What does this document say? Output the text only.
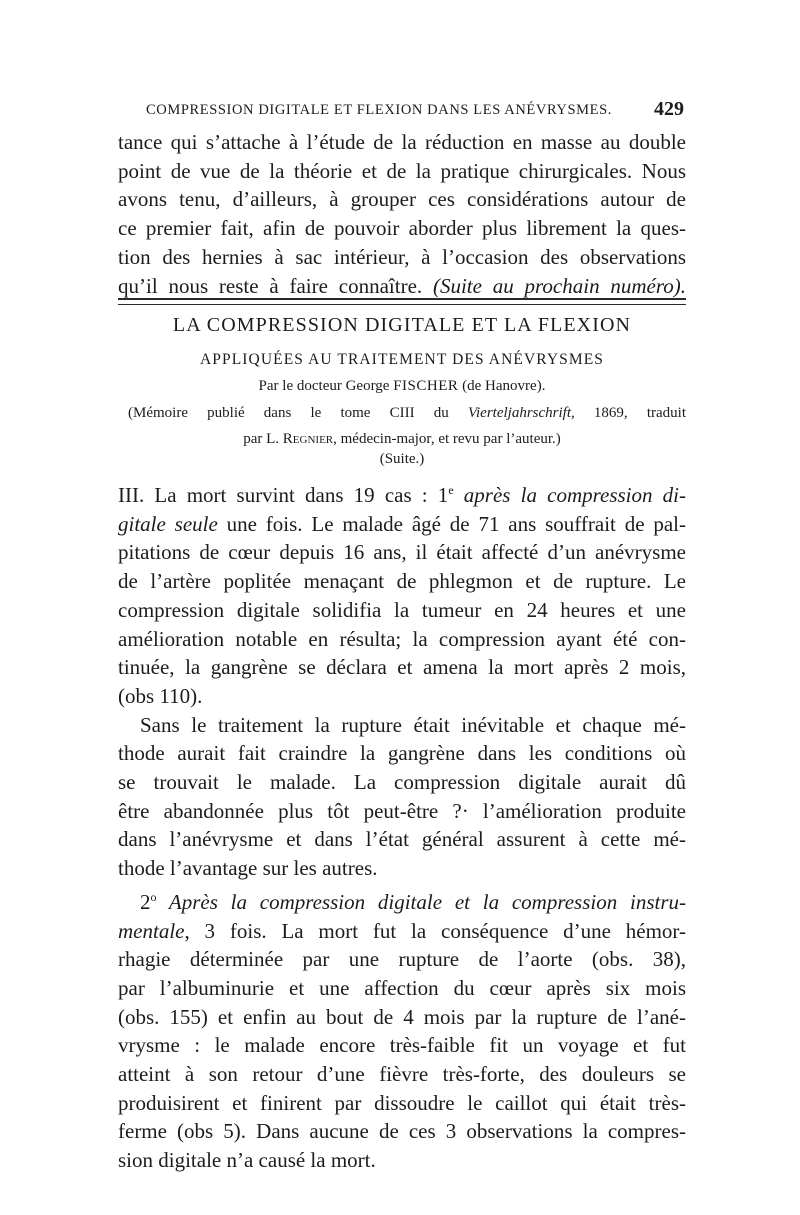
COMPRESSION DIGITALE ET FLEXION DANS LES ANÉVRYSMES. 429
tance qui s’attache à l’étude de la réduction en masse au double
point de vue de la théorie et de la pratique chirurgicales. Nous
avons tenu, d’ailleurs, à grouper ces considérations autour de
ce premier fait, afin de pouvoir aborder plus librement la ques-
tion des hernies à sac intérieur, à l’occasion des observations
qu’il nous reste à faire connaître. (Suite au prochain numéro).
LA COMPRESSION DIGITALE ET LA FLEXION
APPLIQUÉES AU TRAITEMENT DES ANÉVRYSMES
Par le docteur George FISCHER (de Hanovre).
(Mémoire publié dans le tome CIII du Vierteljahrschrift, 1869, traduit
par L. Regnier, médecin-major, et revu par l’auteur.)
(Suite.)
III. La mort survint dans 19 cas : 1e après la compression di-
gitale seule une fois. Le malade âgé de 71 ans souffrait de pal-
pitations de cœur depuis 16 ans, il était affecté d’un anévrysme
de l’artère poplitée menaçant de phlegmon et de rupture. Le
compression digitale solidifia la tumeur en 24 heures et une
amélioration notable en résulta; la compression ayant été con-
tinuée, la gangrène se déclara et amena la mort après 2 mois,
(obs 110).
Sans le traitement la rupture était inévitable et chaque mé-
thode aurait fait craindre la gangrène dans les conditions où
se trouvait le malade. La compression digitale aurait dû
être abandonnée plus tôt peut-être ?· l’amélioration produite
dans l’anévrysme et dans l’état général assurent à cette mé-
thode l’avantage sur les autres.
2$^o$ Après la compression digitale et la compression instru-
mentale, 3 fois. La mort fut la conséquence d’une hémor-
rhagie déterminée par une rupture de l’aorte (obs. 38),
par l’albuminurie et une affection du cœur après six mois
(obs. 155) et enfin au bout de 4 mois par la rupture de l’ané-
vrysme : le malade encore très-faible fit un voyage et fut
atteint à son retour d’une fièvre très-forte, des douleurs se
produisirent et finirent par dissoudre le caillot qui était très-
ferme (obs 5). Dans aucune de ces 3 observations la compres-
sion digitale n’a causé la mort.
